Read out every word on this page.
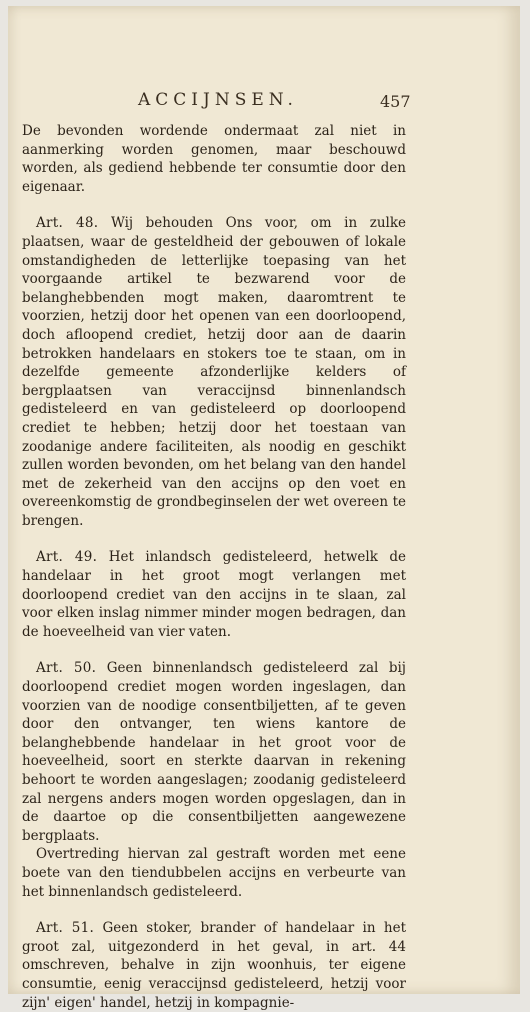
ACCIJNSEN.	457

De bevonden wordende ondermaat zal niet in aanmerking worden genomen, maar beschouwd worden, als gediend hebbende ter consumtie door den eigenaar.

Art. 48. Wij behouden Ons voor, om in zulke plaatsen, waar de gesteldheid der gebouwen of lokale omstandigheden de letterlijke toepasing van het voorgaande artikel te bezwarend voor de belanghebbenden mogt maken, daaromtrent te voorzien, hetzij door het openen van een doorloopend, doch afloopend crediet, hetzij door aan de daarin betrokken handelaars en stokers toe te staan, om in dezelfde gemeente afzonderlijke kelders of bergplaatsen van veraccijnsd binnenlandsch gedisteleerd en van gedisteleerd op doorloopend crediet te hebben; hetzij door het toestaan van zoodanige andere faciliteiten, als noodig en geschikt zullen worden bevonden, om het belang van den handel met de zekerheid van den accijns op den voet en overeenkomstig de grondbeginselen der wet overeen te brengen.

Art. 49. Het inlandsch gedisteleerd, hetwelk de handelaar in het groot mogt verlangen met doorloopend crediet van den accijns in te slaan, zal voor elken inslag nimmer minder mogen bedragen, dan de hoeveelheid van vier vaten.

Art. 50. Geen binnenlandsch gedisteleerd zal bij doorloopend crediet mogen worden ingeslagen, dan voorzien van de noodige consentbiljetten, af te geven door den ontvanger, ten wiens kantore de belanghebbende handelaar in het groot voor de hoeveelheid, soort en sterkte daarvan in rekening behoort te worden aangeslagen; zoodanig gedisteleerd zal nergens anders mogen worden opgeslagen, dan in de daartoe op die consentbiljetten aangewezene bergplaats.

Overtreding hiervan zal gestraft worden met eene boete van den tiendubbelen accijns en verbeurte van het binnenlandsch gedisteleerd.

Art. 51. Geen stoker, brander of handelaar in het groot zal, uitgezonderd in het geval, in art. 44 omschreven, behalve in zijn woonhuis, ter eigene consumtie, eenig veraccijnsd gedisteleerd, hetzij voor zijn' eigen' handel, hetzij in kompagnie-
